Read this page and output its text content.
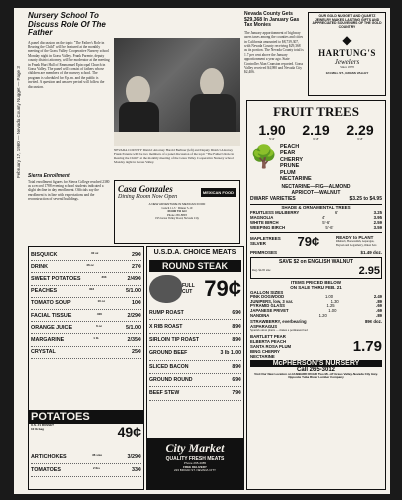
February 17, 1960 — Nevada County Nugget — Page 3
Nursery School To Discuss Role Of The Father
A panel discussion on the topic "The Father's Role in Rearing the Child" will be featured at the monthly meeting of the Grass Valley Cooperative Nursery school Monday night in Grass Valley. Frank Parente, deputy county district attorney, will be moderator at the meeting in Frank Hurt Hall of Emmanuel Episcopal Church in Grass Valley. The panel will consist of fathers whose children are members of the nursery school. The program is scheduled for 8 p.m. and the public is invited. A question and answer period will follow the discussion.
Sierra Enrollment
Total enrollment figures for Sierra College reached 2380 as a record 1788 evening school students indicated a slight decline in day enrollment. Officials say the enrollment is in line with expectations and the reconstruction of several buildings.
NEVADA COUNTY District Attorney Harold Berliner (left) and Deputy District Attorney Frank Parente will be two members of a panel discussion of the topic "The Father's Role in Rearing the Child" at the monthly meeting of the Grass Valley Cooperative Nursery school Monday night in Grass Valley.
Nevada County Gets $29,368 In January Gas Tax Monies
The January apportionment of highway users taxes among the counties and cities in California amounted to $8,739,307, with Nevada County receiving $29,368 as its portion. The Nevada County total is 1.7 per cent above the January apportionment a year ago. State Controller Alan Cranston reported. Grass Valley received $4,980 and Nevada City $2,406.
OUR GOLD NUGGET AND QUARTZ JEWELRY MAKES LASTING GIFTS AND APPRECIATED SOUVENIRS OF THE GOLD COUNTRY
◆
HARTUNG'S
Jewelers
Since 1878
124 MILL ST., GRASS VALLEY
Casa Gonzales
Dining Room Now Open
MEXICAN FOOD
A NEW ADVENTURE IN MEXICAN FOOD
Lunch 11-3 · Dinner 5-10
FOOD TO GO
Phone 265-8893
195 Grass Valley Road, Nevada City
BISQUICK	40 oz	29¢
DRINK	46 oz	27¢
SWEET POTATOES	303	2/49¢
PEACHES	303	5/1.00
TOMATO SOUP	10 oz	10¢
FACIAL TISSUE	400	2/29¢
ORANGE JUICE	6 oz	5/1.00
MARGARINE	1 lb	2/35¢
CRYSTAL	25¢
ARTICHOKES	36 size	3/29¢
TOMATOES	2 lbs	33¢
U.S.D.A. CHOICE MEATS
ROUND STEAK
FULL CUT 79¢
RUMP ROAST	69¢
X RIB ROAST	89¢
SIRLOIN TIP ROAST	89¢
GROUND BEEF	3 lb 1.00
SLICED BACON	89¢
GROUND ROUND	69¢
BEEF STEW	79¢
POTATOES
U.S. #1 RUSSET
10 lb bag	49¢
City Market
QUALITY FRESH MEATS
Phone 265-4085
FREE DELIVERY
223 BROAD ST. NEVADA CITY
FRUIT TREES
1.90
5'-6'
2.19
6'-8'
2.29
6'-8'
🌳 PEACH
PEAR
CHERRY
PRUNE
PLUM
NECTARINE
NECTARINE—FIG—ALMOND
APRICOT—WALNUT
DWARF VARIETIES	$3.25 to $4.95
SHADE & ORNAMENTAL TREES
FRUITLESS MULBERRY	6'	3.25
MAGNOLIA	4'	3.95
WHITE BIRCH	5'-6'	2.59
WEEPING BIRCH	5'-6'	3.59
MAPLETREES
SILVER	79¢	READY to PLANT
Rhubarb, Horseradish, Asparagus, Boysen and Loganberry, Onion Sets
PRIMROSES	$1.49 doz.
SAVE $2 on ENGLISH WALNUT
Reg. $4.95 size	2.95
ITEMS PRICED BELOW
ON SALE THRU FEB. 21
GALLON SIZES
PINK DOGWOOD	1.00	2.49
JUNIPERS, low, 3 var.	1.30	.89
PYRAMID GLASS	1.25	.69
JAPANESE PRIVET	1.00	.69
NANDINA	1.20	.89
STRAWBERRY, everbearing	89¢ doz.
ASPARAGUS
Spanish onion plants — makes a permanent bed
BARTLETT PEAR
ELBERTA PEACH
SANTA ROSA PLUM
BING CHERRY
NECTARINE
1.79
McPHERSON'S NURSERY
Call 265-3012
Visit Our New Location on HUBBARD ROAD Two Mi. off Grass Valley-Nevada City Hwy. Opposite Yuba River Lumber Company
